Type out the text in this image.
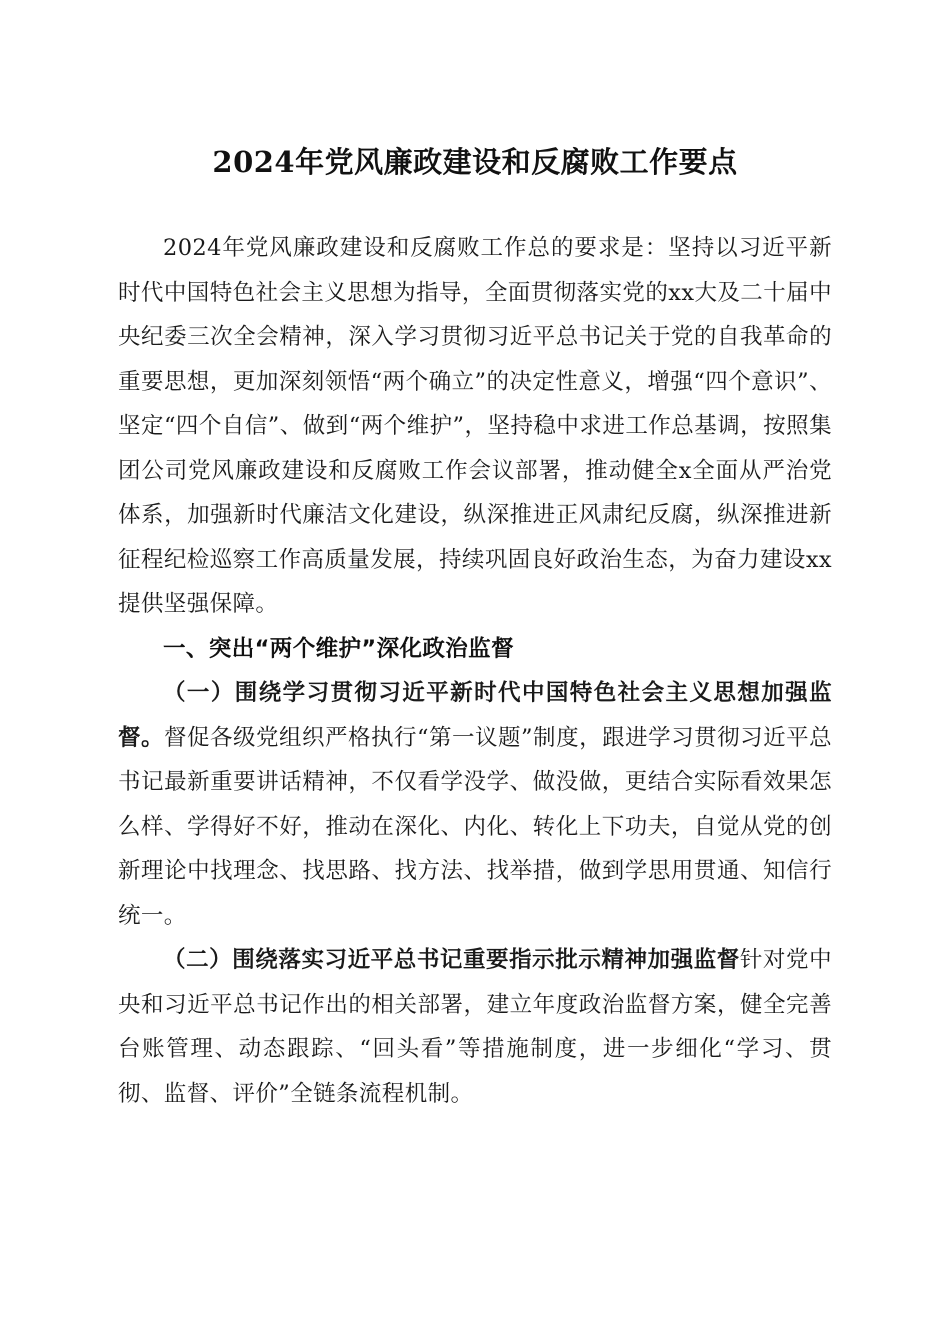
2024年党风廉政建设和反腐败工作要点

2024年党风廉政建设和反腐败工作总的要求是：坚持以习近平新时代中国特色社会主义思想为指导，全面贯彻落实党的xx大及二十届中央纪委三次全会精神，深入学习贯彻习近平总书记关于党的自我革命的重要思想，更加深刻领悟“两个确立”的决定性意义，增强“四个意识”、坚定“四个自信”、做到“两个维护”，坚持稳中求进工作总基调，按照集团公司党风廉政建设和反腐败工作会议部署，推动健全x全面从严治党体系，加强新时代廉洁文化建设，纵深推进正风肃纪反腐，纵深推进新征程纪检巡察工作高质量发展，持续巩固良好政治生态，为奋力建设xx提供坚强保障。

一、突出“两个维护”深化政治监督

（一）围绕学习贯彻习近平新时代中国特色社会主义思想加强监督。督促各级党组织严格执行“第一议题”制度，跟进学习贯彻习近平总书记最新重要讲话精神，不仅看学没学、做没做，更结合实际看效果怎么样、学得好不好，推动在深化、内化、转化上下功夫，自觉从党的创新理论中找理念、找思路、找方法、找举措，做到学思用贯通、知信行统一。

（二）围绕落实习近平总书记重要指示批示精神加强监督针对党中央和习近平总书记作出的相关部署，建立年度政治监督方案，健全完善台账管理、动态跟踪、“回头看”等措施制度，进一步细化“学习、贯彻、监督、评价”全链条流程机制。
